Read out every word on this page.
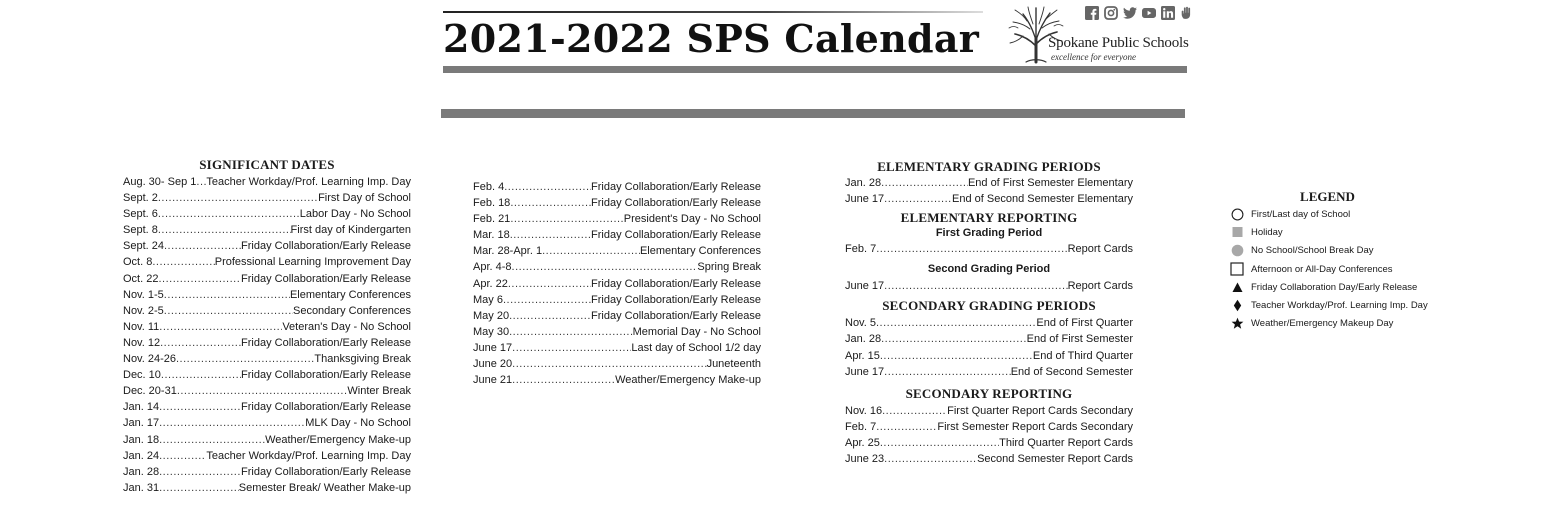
2021-2022 SPS Calendar	Spokane Public Schools
excellence for everyone
SIGNIFICANT DATES
Aug. 30- Sep 1 ..... Teacher Workday/Prof. Learning Imp. Day
Sept. 2 .....	First Day of School
Sept. 6 .....	Labor Day - No School
Sept. 8 .....	First day of Kindergarten
Sept. 24 .....	Friday Collaboration/Early Release
Oct. 8 .....	Professional Learning Improvement Day
Oct. 22 .....	Friday Collaboration/Early Release
Nov. 1-5 .....	Elementary Conferences
Nov. 2-5 .....	Secondary Conferences
Nov. 11 .....	Veteran's Day - No School
Nov. 12 .....	Friday Collaboration/Early Release
Nov. 24-26 .....	Thanksgiving Break
Dec. 10 .....	Friday Collaboration/Early Release
Dec. 20-31 .....	Winter Break
Jan. 14 .....	Friday Collaboration/Early Release
Jan. 17 .....	MLK Day - No School
Jan. 18 .....	Weather/Emergency Make-up
Jan. 24 .....	Teacher Workday/Prof. Learning Imp. Day
Jan. 28 .....	Friday Collaboration/Early Release
Jan. 31 .....	Semester Break/ Weather Make-up
Feb. 4 .....	Friday Collaboration/Early Release
Feb. 18 .....	Friday Collaboration/Early Release
Feb. 21 .....	President's Day - No School
Mar. 18 .....	Friday Collaboration/Early Release
Mar. 28-Apr. 1 .....	Elementary Conferences
Apr. 4-8 .....	Spring Break
Apr. 22 .....	Friday Collaboration/Early Release
May 6 .....	Friday Collaboration/Early Release
May 20 .....	Friday Collaboration/Early Release
May 30 .....	Memorial Day - No School
June 17 .....	Last day of School 1/2 day
June 20 .....	Juneteenth
June 21 .....	Weather/Emergency Make-up
ELEMENTARY GRADING PERIODS
Jan. 28 .....	End of First Semester Elementary
June 17 .....	End of Second Semester Elementary
ELEMENTARY REPORTING
First Grading Period
Feb. 7 .....	Report Cards
Second Grading Period
June 17 .....	Report Cards
SECONDARY GRADING PERIODS
Nov. 5 .....	End of First Quarter
Jan. 28 .....	End of First Semester
Apr. 15 .....	End of Third Quarter
June 17 .....	End of Second Semester
SECONDARY REPORTING
Nov. 16 .....	First Quarter Report Cards Secondary
Feb. 7 .....	First Semester Report Cards Secondary
Apr. 25 .....	Third Quarter Report Cards
June 23 .....	Second Semester Report Cards
LEGEND
First/Last day of School
Holiday
No School/School Break Day
Afternoon or All-Day Conferences
Friday Collaboration Day/Early Release
Teacher Workday/Prof. Learning Imp. Day
Weather/Emergency Makeup Day
